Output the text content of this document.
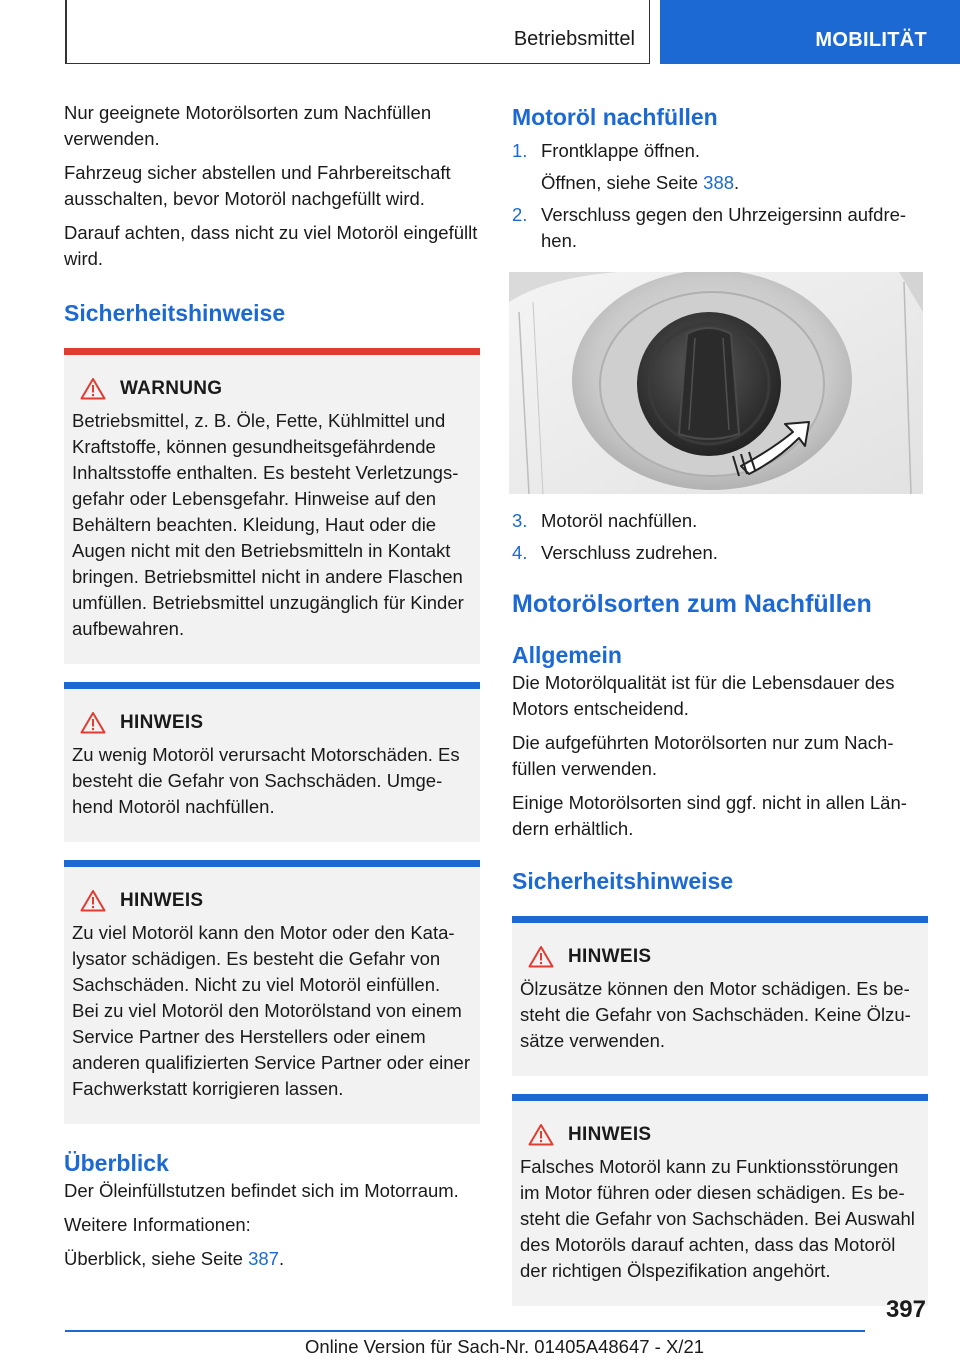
Betriebsmittel	MOBILITÄT

Nur geeignete Motorölsorten zum Nachfüllen verwenden.

Fahrzeug sicher abstellen und Fahrbereitschaft ausschalten, bevor Motoröl nachgefüllt wird.

Darauf achten, dass nicht zu viel Motoröl eingefüllt wird.

Sicherheitshinweise
WARNUNG
Betriebsmittel, z. B. Öle, Fette, Kühlmittel und Kraftstoffe, können gesundheitsgefährdende Inhaltsstoffe enthalten. Es besteht Verletzungsgefahr oder Lebensgefahr. Hinweise auf den Behältern beachten. Kleidung, Haut oder die Augen nicht mit den Betriebsmitteln in Kontakt bringen. Betriebsmittel nicht in andere Flaschen umfüllen. Betriebsmittel unzugänglich für Kinder aufbewahren.
HINWEIS
Zu wenig Motoröl verursacht Motorschäden. Es besteht die Gefahr von Sachschäden. Umgehend Motoröl nachfüllen.
HINWEIS
Zu viel Motoröl kann den Motor oder den Katalysator schädigen. Es besteht die Gefahr von Sachschäden. Nicht zu viel Motoröl einfüllen. Bei zu viel Motoröl den Motorölstand von einem Service Partner des Herstellers oder einem anderen qualifizierten Service Partner oder einer Fachwerkstatt korrigieren lassen.
Überblick

Der Öleinfüllstutzen befindet sich im Motorraum.

Weitere Informationen:

Überblick, siehe Seite 387.

Motoröl nachfüllen
1. Frontklappe öffnen.
Öffnen, siehe Seite 388.
2. Verschluss gegen den Uhrzeigersinn aufdrehen.
3. Motoröl nachfüllen.
4. Verschluss zudrehen.
Motorölsorten zum Nachfüllen
Allgemein

Die Motorölqualität ist für die Lebensdauer des Motors entscheidend.

Die aufgeführten Motorölsorten nur zum Nachfüllen verwenden.

Einige Motorölsorten sind ggf. nicht in allen Ländern erhältlich.

Sicherheitshinweise
HINWEIS
Ölzusätze können den Motor schädigen. Es besteht die Gefahr von Sachschäden. Keine Ölzusätze verwenden.
HINWEIS
Falsches Motoröl kann zu Funktionsstörungen im Motor führen oder diesen schädigen. Es besteht die Gefahr von Sachschäden. Bei Auswahl des Motoröls darauf achten, dass das Motoröl der richtigen Ölspezifikation angehört.
397
Online Version für Sach-Nr. 01405A48647 - X/21
